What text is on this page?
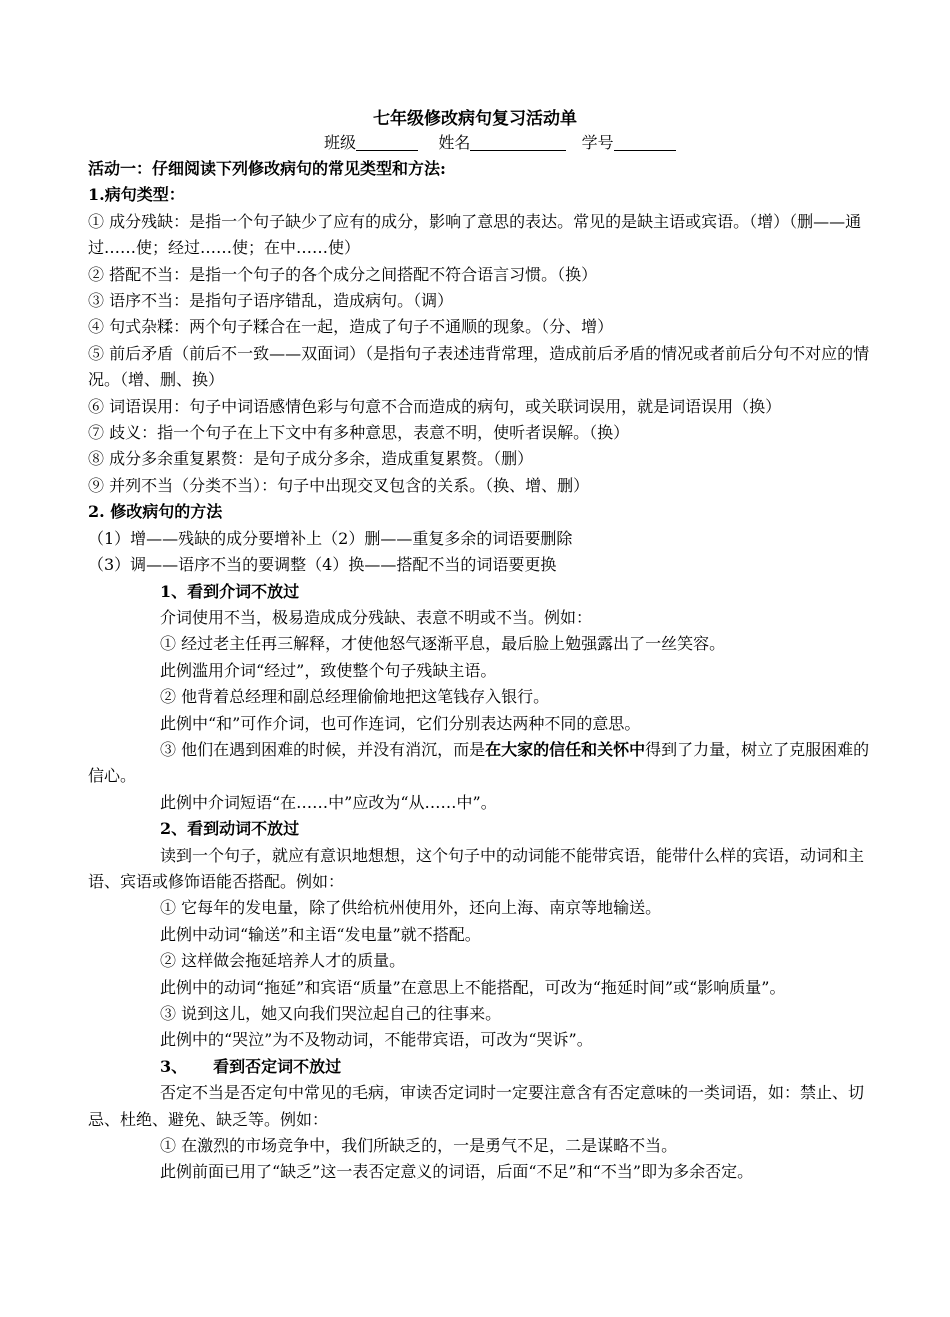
七年级修改病句复习活动单
班级	姓名	学号

活动一：仔细阅读下列修改病句的常见类型和方法:

1.病句类型：

① 成分残缺：是指一个句子缺少了应有的成分，影响了意思的表达。常见的是缺主语或宾语。（增）（删——通过……使；经过……使；在中……使）

② 搭配不当：是指一个句子的各个成分之间搭配不符合语言习惯。（换）

③ 语序不当：是指句子语序错乱，造成病句。（调）

④ 句式杂糅：两个句子糅合在一起，造成了句子不通顺的现象。（分、增）

⑤ 前后矛盾（前后不一致——双面词）（是指句子表述违背常理，造成前后矛盾的情况或者前后分句不对应的情况。（增、删、换）

⑥ 词语误用：句子中词语感情色彩与句意不合而造成的病句，或关联词误用，就是词语误用（换）

⑦ 歧义：指一个句子在上下文中有多种意思，表意不明，使听者误解。（换）

⑧ 成分多余重复累赘：是句子成分多余，造成重复累赘。（删）

⑨ 并列不当（分类不当）：句子中出现交叉包含的关系。（换、增、删）

2. 修改病句的方法

（1）增——残缺的成分要增补上（2）删——重复多余的词语要删除

（3）调——语序不当的要调整（4）换——搭配不当的词语要更换

1、看到介词不放过

介词使用不当，极易造成成分残缺、表意不明或不当。例如：

① 经过老主任再三解释，才使他怒气逐渐平息，最后脸上勉强露出了一丝笑容。

此例滥用介词“经过”，致使整个句子残缺主语。

② 他背着总经理和副总经理偷偷地把这笔钱存入银行。

此例中“和”可作介词，也可作连词，它们分别表达两种不同的意思。

③ 他们在遇到困难的时候，并没有消沉，而是在大家的信任和关怀中得到了力量，树立了克服困难的信心。

此例中介词短语“在……中”应改为“从……中”。

2、看到动词不放过

读到一个句子，就应有意识地想想，这个句子中的动词能不能带宾语，能带什么样的宾语，动词和主语、宾语或修饰语能否搭配。例如：

① 它每年的发电量，除了供给杭州使用外，还向上海、南京等地输送。

此例中动词“输送”和主语“发电量”就不搭配。

② 这样做会拖延培养人才的质量。

此例中的动词“拖延”和宾语“质量”在意思上不能搭配，可改为“拖延时间”或“影响质量”。

③ 说到这儿，她又向我们哭泣起自己的往事来。

此例中的“哭泣”为不及物动词，不能带宾语，可改为“哭诉”。

3、 看到否定词不放过

否定不当是否定句中常见的毛病，审读否定词时一定要注意含有否定意味的一类词语，如：禁止、切忌、杜绝、避免、缺乏等。例如：

① 在激烈的市场竞争中，我们所缺乏的，一是勇气不足，二是谋略不当。

此例前面已用了“缺乏”这一表否定意义的词语，后面“不足”和“不当”即为多余否定。
